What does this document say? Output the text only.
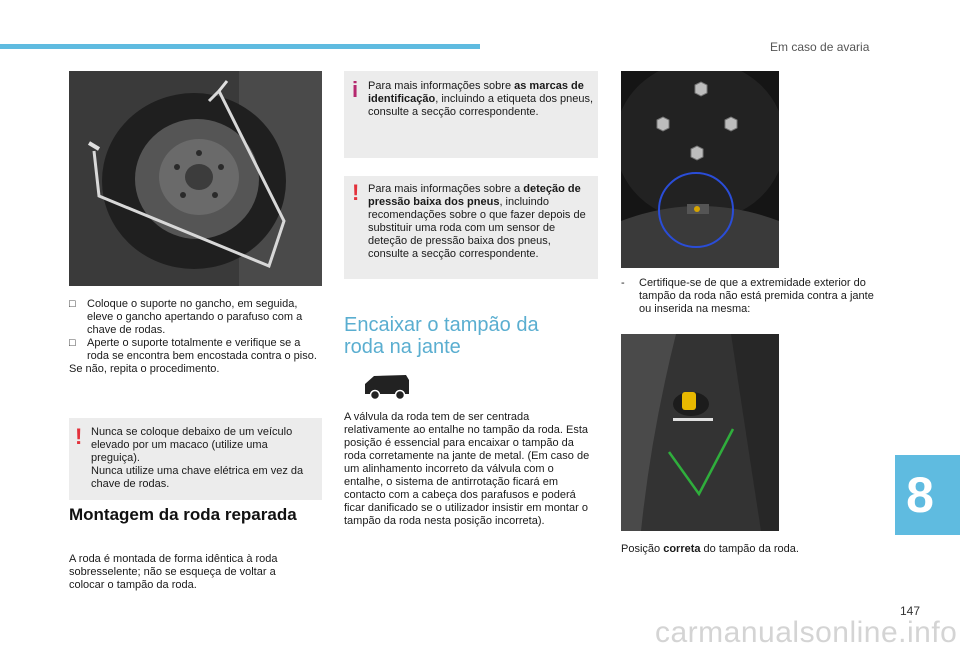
Em caso de avaria
8
147
carmanualsonline.info
□ Coloque o suporte no gancho, em seguida, eleve o gancho apertando o parafuso com a chave de rodas.
□ Aperte o suporte totalmente e verifique se a roda se encontra bem encostada contra o piso.
Se não, repita o procedimento.
! Nunca se coloque debaixo de um veículo elevado por um macaco (utilize uma preguiça).
Nunca utilize uma chave elétrica em vez da chave de rodas.
Montagem da roda reparada
A roda é montada de forma idêntica à roda sobresselente; não se esqueça de voltar a colocar o tampão da roda.
i Para mais informações sobre as marcas de identificação, incluindo a etiqueta dos pneus, consulte a secção correspondente.
! Para mais informações sobre a deteção de pressão baixa dos pneus, incluindo recomendações sobre o que fazer depois de substituir uma roda com um sensor de deteção de pressão baixa dos pneus, consulte a secção correspondente.
Encaixar o tampão da roda na jante
A válvula da roda tem de ser centrada relativamente ao entalhe no tampão da roda. Esta posição é essencial para encaixar o tampão da roda corretamente na jante de metal. (Em caso de um alinhamento incorreto da válvula com o entalhe, o sistema de antirrotação ficará em contacto com a cabeça dos parafusos e poderá ficar danificado se o utilizador insistir em montar o tampão da roda nesta posição incorreta).
- Certifique-se de que a extremidade exterior do tampão da roda não está premida contra a jante ou inserida na mesma:
Posição correta do tampão da roda.
